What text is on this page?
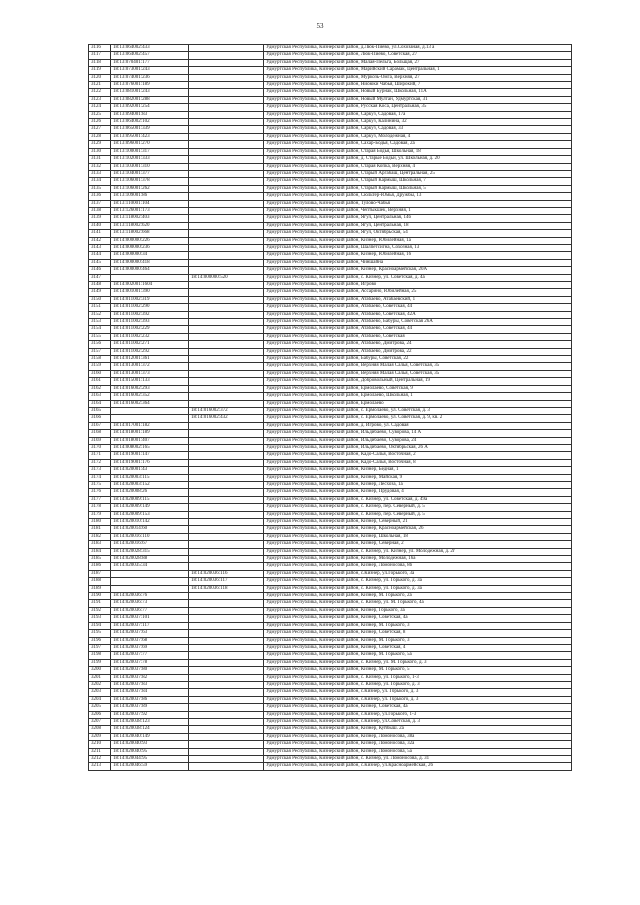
53
3116	18:13:064002:433		Удмуртская Республика, Кизнерский район, д.Люк-Пиево, ул.Сохозаная, д.13 а
3117	18:13:064002:457		Удмуртская Республика, Кизнерский район, Люк-Пиево, Советская, 27
3118	18:13:070401:177		Удмуртская Республика, Кизнерский район, Малая-Пельга, Больщая, 27
3119	18:13:073001:243		Удмуртская Республика, Кизнерский район, Марийский Сарамак, Центральная, 1
3120	18:13:074001:236		Удмуртская Республика, Кизнерский район, Муркозь-Омга, Верхняя, 27
3121	18:13:076001:189		Удмуртская Республика, Кизнерский район, Ниоюки Чабья, Широкий, 7
3122	18:13:081001:243		Удмуртская Республика, Кизнерский район, Новый Бурнак, Школьная, 11А
3123	18:13:082001:288		Удмуртская Республика, Кизнерский район, Новый Мултан, Удмуртская, 31
3124	18:13:092001:254		Удмуртская Республика, Кизнерский район, Русская Коса, Центральная, 35
3125	18:13:094001:83		Удмуртская Республика, Кизнерский район, Саркуз, Садовая, 17а
3126	18:13:064002:102		Удмуртская Республика, Кизнерский район, Саркуз, Калинина, 32
3127	18:13:065001:339		Удмуртская Республика, Кизнерский район, Саркуз, Садовая, 33
3128	18:13:095001:423		Удмуртская Республика, Кизнерский район, Саркуз, Молодежная, 4
3129	18:13:096001:270		Удмуртская Республика, Кизнерский район, Сахар-Бодья, Садовая, 2а
3130	18:13:100001:317		Удмуртская Республика, Кизнерский район, Старая Бодья, Школьная, 18
3131	18:13:102001:333		Удмуртская Республика, Кизнерский район, д. Старые Бодьи, ул. Школьная, д. 20
3132	18:13:103001:310		Удмуртская Республика, Кизнерский район, Старая Копка, Верхняя, 4
3133	18:13:104001:377		Удмуртская Республика, Кизнерский район, Старый Аргабаш, Центральная, 25
3134	18:13:106001:378		Удмуртская Республика, Кизнерский район, Старый Кармыш, Школьная, 7
3135	18:13:106001:262		Удмуртская Республика, Кизнерский район, Старый Кармыш, Школьная, 5
3136	18:13:109001:86		Удмуртская Республика, Кизнерский район, Сюльтер-Юмья, Дружбы, 13
3137	18:13:110001:104		Удмуртская Республика, Кизнерский район, Тулово-Чабья
3138	18:13:126001:173		Удмуртская Республика, Кизнерский район, Чептыкшек, Верхняя, 1
3139	18:13:118002:403		Удмуртская Республика, Кизнерский район, Ягул, Центральная, 14б
3140	18:13:118002:620		Удмуртская Республика, Кизнерский район, Ягул, Центральная, 18
3141	18:13:118002:668		Удмуртская Республика, Кизнерский район, Ягул, Октябрьская, 54
3142	18:14:000000:226		Удмуртская Республика, Кизнерский район, Кизнер, Юбилейная, 1а
3143	18:14:000000:236		Удмуртская Республика, Кизнерский район, Шалпетсигна, Сохозная, 13
3144	18:14:000000:34		Удмуртская Республика, Кизнерский район, Кизнер, Юбилейная, 16
3145	18:14:000000:418		Удмуртская Республика, Кизнерский район, Чиншайна
3146	18:14:000000:464		Удмуртская Республика, Кизнерский район, Кизнер, Красноармейская, 20А
3147		18:14:000000:520	Удмуртская Республика, Кизнерский район, с. Кизнер, ул. Советская, д. 4а
3148	18:14:002001:1604		Удмуртская Республика, Кизнерский район, Игрово
3149	18:14:001001:390		Удмуртская Республика, Кизнерский район, Ассарино, Юбилейная, 25
3150	18:14:011002:319		Удмуртская Республика, Кизнерский район, Атабаево, Атабаевский, 1
3151	18:14:011002:290		Удмуртская Республика, Кизнерский район, Атабаево, Советская, 44
3152	18:14:011002:392		Удмуртская Республика, Кизнерский район, Атабаево, Советская, 42А
3153	18:14:011002:393		Удмуртская Республика, Кизнерский район, Атабаево, Бабуры, Советская 26А
3154	18:14:011002:229		Удмуртская Республика, Кизнерский район, Атабаево, Советская, 44
3155	18:14:011002:232		Удмуртская Республика, Кизнерский район, Атабаево, Советская
3156	18:14:011002:271		Удмуртская Республика, Кизнерский район, Атабаево, Дмитрова, 24
3157	18:14:011002:292		Удмуртская Республика, Кизнерский район, Атабаево, Дмитрова, 22
3158	18:14:012001:361		Удмуртская Республика, Кизнерский район, Бабуры, Советская, 22
3159	18:14:013001:372		Удмуртская Республика, Кизнерский район, Верхняя Малая Салья, Советская, 35
3160	18:14:013001:373		Удмуртская Республика, Кизнерский район, Верхняя Малая Салья, Советская, 35
3161	18:14:015001:133		Удмуртская Республика, Кизнерский район, Добровольный, Центральная, 19
3162	18:14:016002:293		Удмуртская Республика, Кизнерский район, Ермолаево, Советская, 9
3163	18:14:016002:352		Удмуртская Республика, Кизнерский район, Ермолаево, Школьная, 1
3164	18:14:016002:364		Удмуртская Республика, Кизнерский район, Ермолаево
3165		18:14:016002:372	Удмуртская Республика, Кизнерский район, с. Ермолаево, ул. Советская, д. 3
3166		18:14:016002:432	Удмуртская Республика, Кизнерский район, с. Ермолаево, ул. Советская, д. 9, кв. 2
3167	18:14:017001:182		Удмуртская Республика, Кизнерский район, д. Игрово, ул. Садовая
3168	18:14:018001:189		Удмуртская Республика, Кизнерский район, Ильдибаево, Суворова, 14 А
3169	18:14:018001:407		Удмуртская Республика, Кизнерский район, Ильдибаево, Суворова, 24
3170	18:14:008002:165		Удмуртская Республика, Кизнерский район, Ильдибаево, Октябрьская, 26 А
3171	18:14:019001:147		Удмуртская Республика, Кизнерский район, Кадо-Салья, Восточная, 2
3172	18:14:019001:176		Удмуртская Республика, Кизнерский район, Кадо-Салья, Восточная, 8
3173	18:14:020001:43		Удмуртская Республика, Кизнерский район, Кизнер, Бедная, 1
3174	18:14:020003:115		Удмуртская Республика, Кизнерский район, Кизнер, Майская, 9
3175	18:14:020003:152		Удмуртская Республика, Кизнерский район, Кизнер, Лесхоза, 1а
3176	18:14:020008:26		Удмуртская Республика, Кизнерский район, Кизнер, Прудовая, 4
3177	18:14:020009:115		Удмуртская Республика, Кизнерский район, с. Кизнер, ул. Советская, д. 49а
3178	18:14:020009:149		Удмуртская Республика, Кизнерский район, с. Кизнер, пер. Северный, д. 5
3179	18:14:020009:153		Удмуртская Республика, Кизнерский район, с. Кизнер, пер. Северный, д. 5
3180	18:14:020010:142		Удмуртская Республика, Кизнерский район, Кизнер, Северный, 21
3181	18:14:020014:60		Удмуртская Республика, Кизнерский район, Кизнер, Красноармейская, 26
3182	18:14:020016:110		Удмуртская Республика, Кизнерский район, Кизнер, Школьная, 18
3183	18:14:020016:67		Удмуртская Республика, Кизнерский район, Кизнер, Северная, 2
3184	18:14:020028:315		Удмуртская Республика, Кизнерский район, с. Кизнер, ул. Кизнер, ул. Молодежная, д. 2г
3185	18:14:020028:88		Удмуртская Республика, Кизнерский район, Кизнер, Молодежная, 16а
3186	18:14:020035:34		Удмуртская Республика, Кизнерский район, Кизнер, Ломоносова, 8б
3187		18:14:020036:116	Удмуртская Республика, Кизнерский район, с.Кизнер, ул.Горького, 3а
3188		18:14:020036:117	Удмуртская Республика, Кизнерский район, с. Кизнер, ул. Горького, д. 3а
3189		18:14:020036:118	Удмуртская Республика, Кизнерский район, с. Кизнер, ул. Горького, д. 3а
3190	18:14:020036:76		Удмуртская Республика, Кизнерский район, Кизнер, М. Горького, 2а
3191	18:14:020036:73		Удмуртская Республика, Кизнерский район, с. Кизнер, ул. М. Горького, 4а
3192	18:14:020036:77		Удмуртская Республика, Кизнерский район, Кизнер, Горького, 3а
3193	18:14:020037:101		Удмуртская Республика, Кизнерский район, Кизнер, Советская, 4а
3194	18:14:020037:117		Удмуртская Республика, Кизнерский район, Кизнер, М. Горького, 3
3195	18:14:020037:63		Удмуртская Республика, Кизнерский район, Кизнер, Советская, 8
3196	18:14:020037:68		Удмуртская Республика, Кизнерский район, Кизнер, М. Горького, 3
3197	18:14:020037:69		Удмуртская Республика, Кизнерский район, Кизнер, Советская, 4
3198	18:14:020037:77		Удмуртская Республика, Кизнерский район, Кизнер, М. Горького, 5а
3199	18:14:020037:78		Удмуртская Республика, Кизнерский район, с. Кизнер, ул. М. Горького, д. 3
3200	18:14:020037:80		Удмуртская Республика, Кизнерский район, Кизнер, М. Горького, 5
3201	18:14:020037:82		Удмуртская Республика, Кизнерский район, с. Кизнер, ул. Горького, 1-3
3202	18:14:020037:83		Удмуртская Республика, Кизнерский район, с. Кизнер, ул. Горького, д. 3
3203	18:14:020037:84		Удмуртская Республика, Кизнерский район, с.Кизнер, ул. Горького, д. 3
3204	18:14:020037:86		Удмуртская Республика, Кизнерский район, с.Кизнер, ул. Горького, д. 3
3205	18:14:020037:89		Удмуртская Республика, Кизнерский район, Кизнер, Советская, 4а
3206	18:14:020037:92		Удмуртская Республика, Кизнерский район, с.Кизнер, ул.Горького, 1-3
3207	18:14:020038:123		Удмуртская Республика, Кизнерский район, с.Кизнер, ул.Советская, д. 3
3208	18:14:020038:124		Удмуртская Республика, Кизнерский район, Кизнер, Куйбыш. 2а
3209	18:14:020040:149		Удмуртская Республика, Кизнерский район, Кизнер, Ломоносова, 38а
3210	18:14:020040:93		Удмуртская Республика, Кизнерский район, Кизнер, Ломоносова, 32а
3211	18:14:020040:95		Удмуртская Республика, Кизнерский район, Кизнер, Ломоносова, 5а
3212	18:14:020044:95		Удмуртская Республика, Кизнерский район, с. Кизнер, ул. Ломоносова, д. 31
3213	18:14:020046:59		Удмуртская Республика, Кизнерский район, с.Кизнер, ул.Красноармейская, 26
